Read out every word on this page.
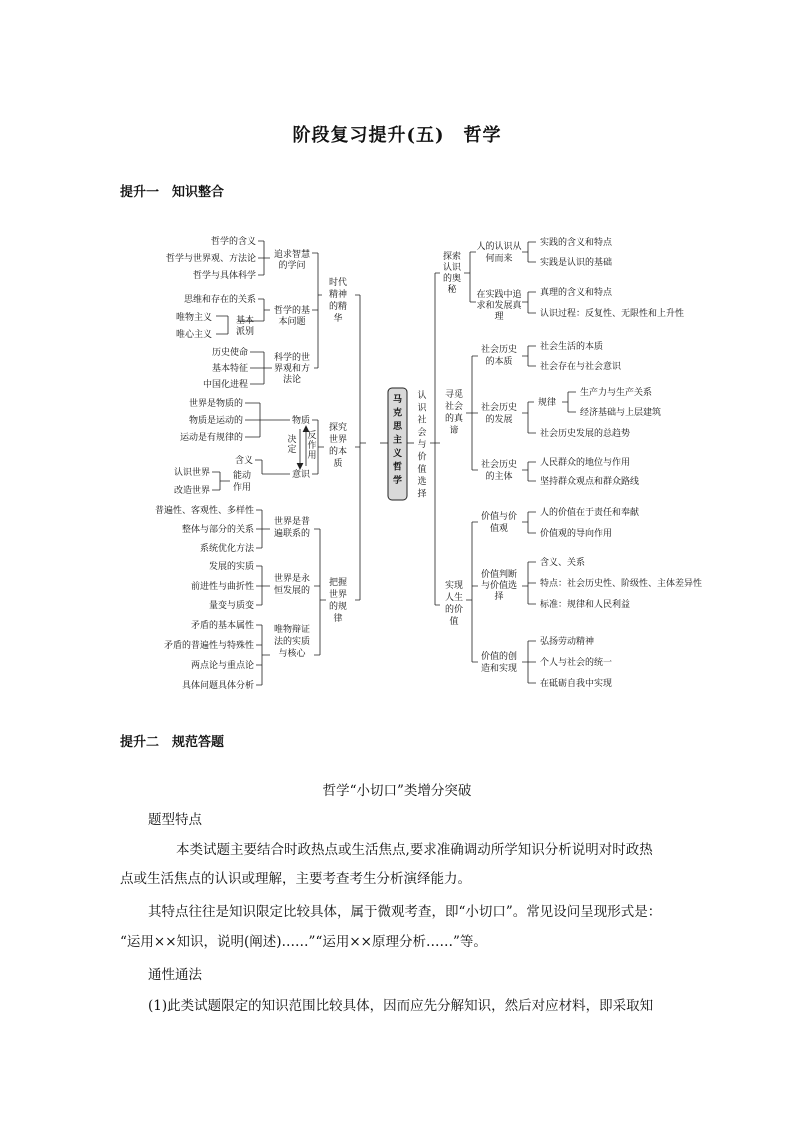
阶段复习提升(五)　哲学
提升一　知识整合
哲学的含义
哲学与世界观、方法论
哲学与具体科学
思维和存在的关系
唯物主义
唯心主义
历史使命
基本特征
中国化进程
世界是物质的
物质是运动的
运动是有规律的
含义
认识世界
改造世界
普遍性、客观性、多样性
整体与部分的关系
系统优化方法
发展的实质
前进性与曲折性
量变与质变
矛盾的基本属性
矛盾的普遍性与特殊性
两点论与重点论
具体问题具体分析
物质
意识
追求智慧的学问
哲学的基本问题
基本派别
科学的世界观和方法论
能动作用
世界是普遍联系的
世界是永恒发展的
唯物辩证法的实质与核心
时代精神的精华
探究世界的本质
把握世界的规律
马克思主义哲学
认识社会与价值选择
探索认识的奥秘
寻觅社会的真谛
实现人生的价值
人的认识从何而来
在实践中追求和发展真理
社会历史的本质
社会历史的发展
社会历史的主体
价值与价值观
价值判断与价值选择
价值的创造和实现
决定
反作用
实践的含义和特点
实践是认识的基础
真理的含义和特点
认识过程：反复性、无限性和上升性
社会生活的本质
社会存在与社会意识
规律
生产力与生产关系
经济基础与上层建筑
社会历史发展的总趋势
人民群众的地位与作用
坚持群众观点和群众路线
人的价值在于责任和奉献
价值观的导向作用
含义、关系
特点：社会历史性、阶级性、主体差异性
标准：规律和人民利益
弘扬劳动精神
个人与社会的统一
在砥砺自我中实现
提升二　规范答题
哲学“小切口”类增分突破
题型特点
本类试题主要结合时政热点或生活焦点,要求准确调动所学知识分析说明对时政热
点或生活焦点的认识或理解，主要考查考生分析演绎能力。
其特点往往是知识限定比较具体，属于微观考查，即“小切口”。常见设问呈现形式是：
“运用××知识，说明(阐述)……”“运用××原理分析……”等。
通性通法
(1)此类试题限定的知识范围比较具体，因而应先分解知识，然后对应材料，即采取知
